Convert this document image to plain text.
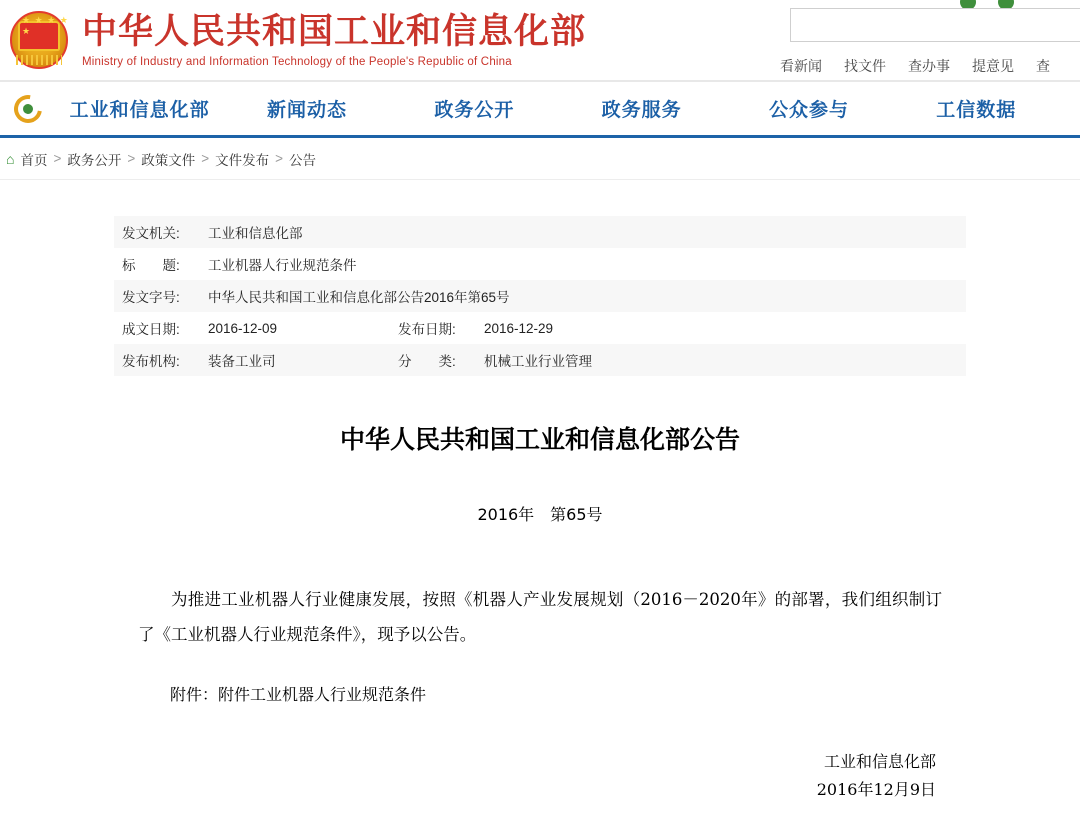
★ ★ ★ ★ ★	中华人民共和国工业和信息化部
Ministry of Industry and Information Technology of the People's Republic of China	看新闻 找文件 查办事 提意见 查
工业和信息化部	新闻动态	政务公开	政务服务	公众参与	工信数据
⌂ 首页 > 政务公开 > 政策文件 > 文件发布 > 公告
发文机关:	工业和信息化部		
标　　题:	工业机器人行业规范条件		
发文字号:	中华人民共和国工业和信息化部公告2016年第65号		
成文日期:	2016-12-09	发布日期:	2016-12-29
发布机构:	装备工业司	分　　类:	机械工业行业管理
中华人民共和国工业和信息化部公告
2016年　第65号

为推进工业机器人行业健康发展，按照《机器人产业发展规划（2016－2020年》的部署，我们组织制订了《工业机器人行业规范条件》，现予以公告。

附件：附件工业机器人行业规范条件
工业和信息化部
2016年12月9日
